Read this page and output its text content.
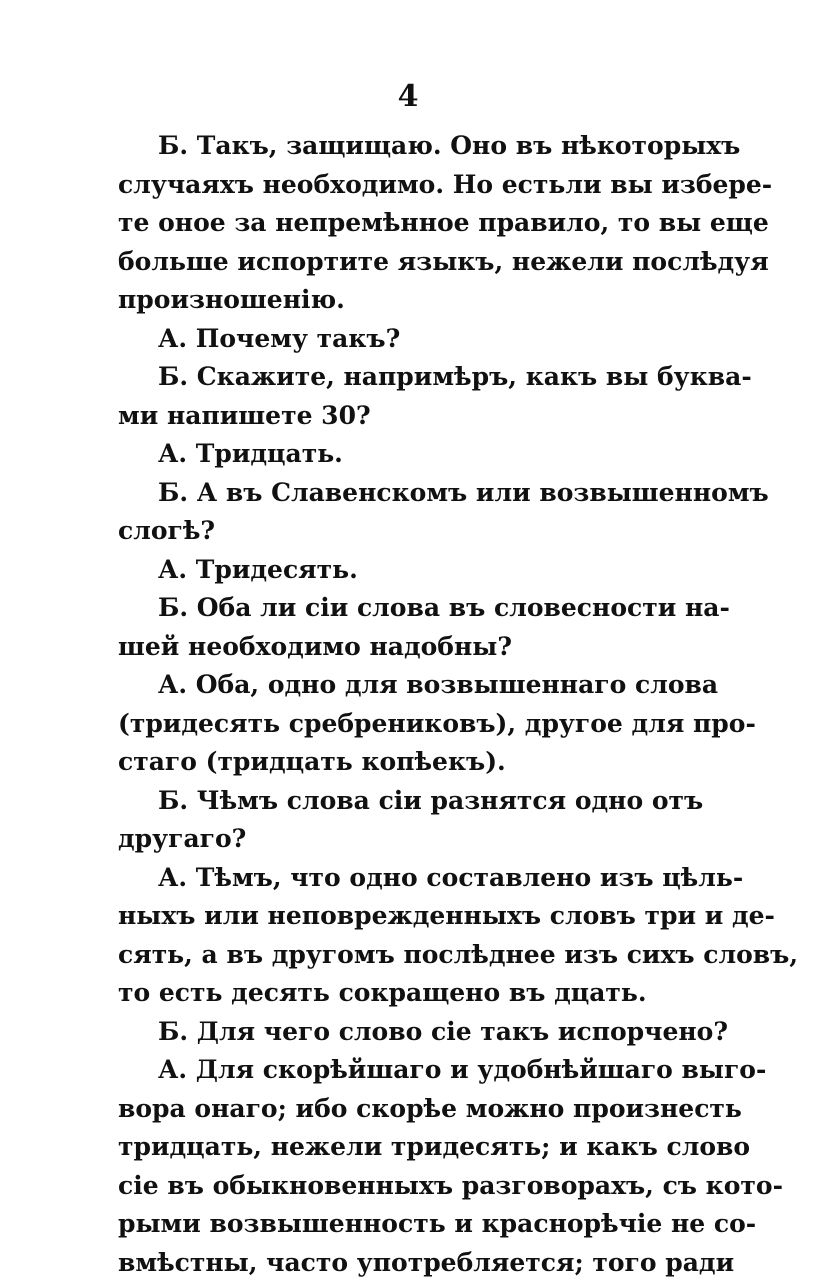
4
Б. Такъ, защищаю. Оно въ нѣкоторыхъ
случаяхъ необходимо. Но естьли вы избере-
те оное за непремѣнное правило, то вы еще
больше испортите языкъ, нежели послѣдуя
произношенію.
А. Почему такъ?
Б. Скажите, напримѣръ, какъ вы буква-
ми напишете 30?
А. Тридцать.
Б. А въ Славенскомъ или возвышенномъ
слогѣ?
А. Тридесять.
Б. Оба ли сіи слова въ словесности на-
шей необходимо надобны?
А. Оба, одно для возвышеннаго слова
(тридесять сребрениковъ), другое для про-
стаго (тридцать копѣекъ).
Б. Чѣмъ слова сіи разнятся одно отъ
другаго?
А. Тѣмъ, что одно составлено изъ цѣль-
ныхъ или неповрежденныхъ словъ три и де-
сять, а въ другомъ послѣднее изъ сихъ словъ,
то есть десять сокращено въ дцать.
Б. Для чего слово сіе такъ испорчено?
А. Для скорѣйшаго и удобнѣйшаго выго-
вора онаго; ибо скорѣе можно произнесть
тридцать, нежели тридесять; и какъ слово
сіе въ обыкновенныхъ разговорахъ, съ кото-
рыми возвышенность и краснорѣчіе не со-
вмѣстны, часто употребляется; того ради
